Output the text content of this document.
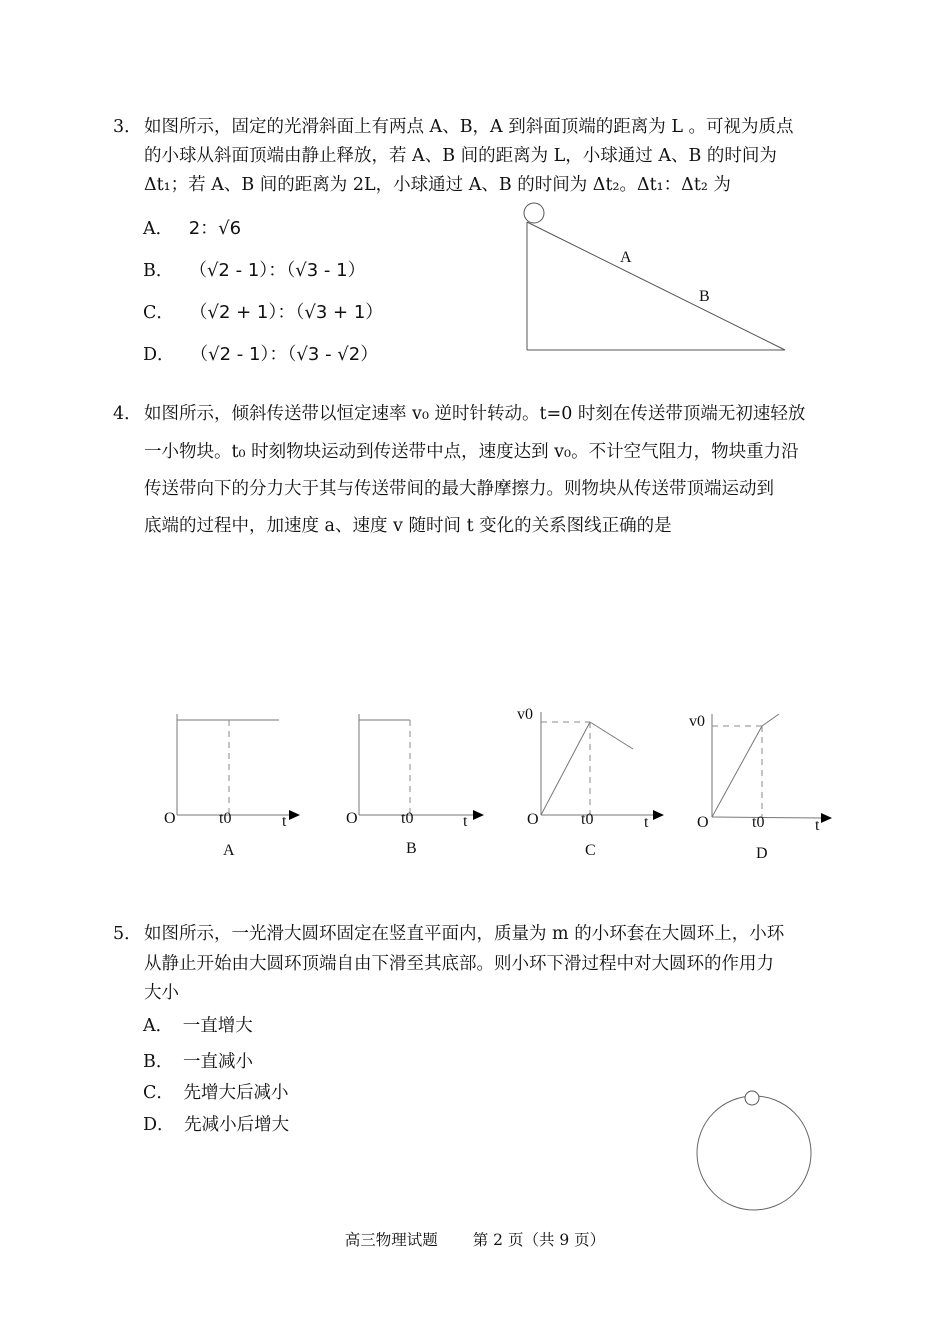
3． 如图所示，固定的光滑斜面上有两点 A、B，A 到斜面顶端的距离为 L 。可视为质点
的小球从斜面顶端由静止释放，若 A、B 间的距离为 L，小球通过 A、B 的时间为
Δt₁；若 A、B 间的距离为 2L，小球通过 A、B 的时间为 Δt₂。Δt₁：Δt₂ 为
A． 2：√6
B． （√2 - 1）：（√3 - 1）
C． （√2 + 1）：（√3 + 1）
D． （√2 - 1）：（√3 - √2）
A
B
4． 如图所示，倾斜传送带以恒定速率 v₀ 逆时针转动。t=0 时刻在传送带顶端无初速轻放
一小物块。t₀ 时刻物块运动到传送带中点，速度达到 v₀。不计空气阻力，物块重力沿
传送带向下的分力大于其与传送带间的最大静摩擦力。则物块从传送带顶端运动到
底端的过程中，加速度 a、速度 v 随时间 t 变化的关系图线正确的是
O	t0	t
A
O	t0	t
B
v0
O	t0	t
C
v0
O	t0	t
D
5． 如图所示，一光滑大圆环固定在竖直平面内，质量为 m 的小环套在大圆环上，小环
从静止开始由大圆环顶端自由下滑至其底部。则小环下滑过程中对大圆环的作用力
大小
A． 一直增大
B． 一直减小
C． 先增大后减小
D． 先减小后增大
高三物理试题 第 2 页（共 9 页）
